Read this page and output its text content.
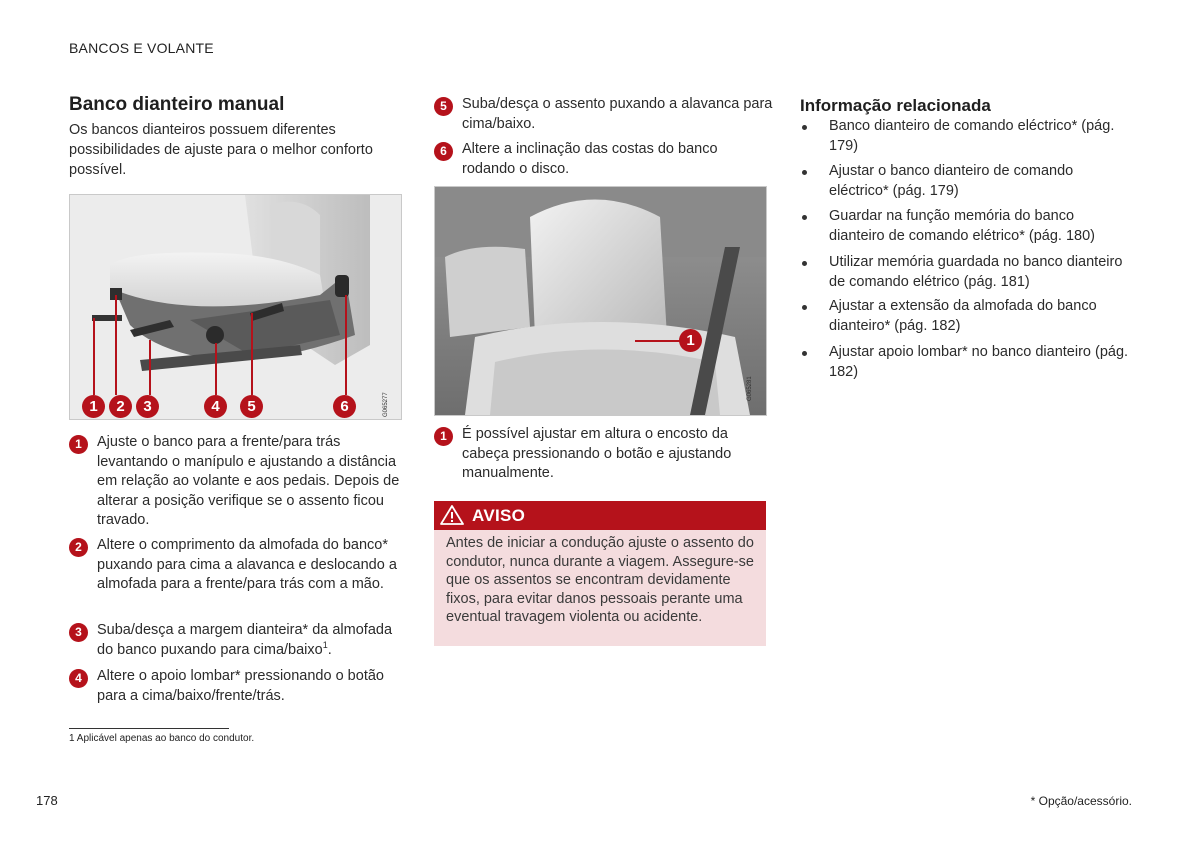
BANCOS E VOLANTE
Banco dianteiro manual
Os bancos dianteiros possuem diferentes possibilidades de ajuste para o melhor conforto possível.
1	2	3	4	5	6	G065277
1	Ajuste o banco para a frente/para trás levantando o manípulo e ajustando a distância em relação ao volante e aos pedais. Depois de alterar a posição verifique se o assento ficou travado.
2	Altere o comprimento da almofada do banco* puxando para cima a alavanca e deslocando a almofada para a frente/para trás com a mão.
3	Suba/desça a margem dianteira* da almofada do banco puxando para cima/baixo$^1$.
4	Altere o apoio lombar* pressionando o botão para a cima/baixo/frente/trás.
5	Suba/desça o assento puxando a alavanca para cima/baixo.
6	Altere a inclinação das costas do banco rodando o disco.
1
G065281
1	É possível ajustar em altura o encosto da cabeça pressionando o botão e ajustando manualmente.
AVISO
Antes de iniciar a condução ajuste o assento do condutor, nunca durante a viagem. Assegure-se que os assentos se encontram devidamente fixos, para evitar danos pessoais perante uma eventual travagem violenta ou acidente.
Informação relacionada
Banco dianteiro de comando eléctrico* (pág. 179)
Ajustar o banco dianteiro de comando eléctrico* (pág. 179)
Guardar na função memória do banco dianteiro de comando elétrico* (pág. 180)
Utilizar memória guardada no banco dianteiro de comando elétrico (pág. 181)
Ajustar a extensão da almofada do banco dianteiro* (pág. 182)
Ajustar apoio lombar* no banco dianteiro (pág. 182)
1 Aplicável apenas ao banco do condutor.
178	* Opção/acessório.
